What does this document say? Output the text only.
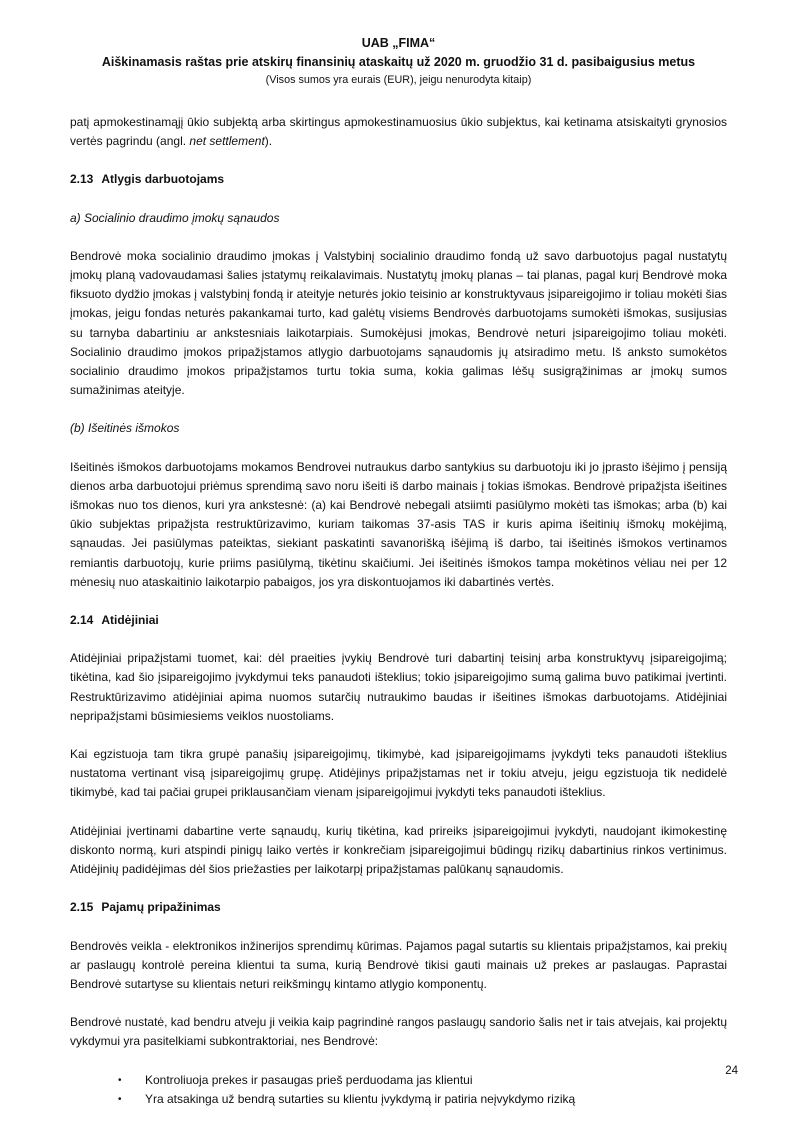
UAB „FIMA“
Aiškinamasis raštas prie atskirų finansinių ataskaitų už 2020 m. gruodžio 31 d. pasibaigusius metus
(Visos sumos yra eurais (EUR), jeigu nenurodyta kitaip)

patį apmokestinamąjį ūkio subjektą arba skirtingus apmokestinamuosius ūkio subjektus, kai ketinama atsiskaityti grynosios vertės pagrindu (angl. net settlement).

2.13 Atlygis darbuotojams
a) Socialinio draudimo įmokų sąnaudos

Bendrovė moka socialinio draudimo įmokas į Valstybinį socialinio draudimo fondą už savo darbuotojus pagal nustatytų įmokų planą vadovaudamasi šalies įstatymų reikalavimais. Nustatytų įmokų planas – tai planas, pagal kurį Bendrovė moka fiksuoto dydžio įmokas į valstybinį fondą ir ateityje neturės jokio teisinio ar konstruktyvaus įsipareigojimo ir toliau mokėti šias įmokas, jeigu fondas neturės pakankamai turto, kad galėtų visiems Bendrovės darbuotojams sumokėti išmokas, susijusias su tarnyba dabartiniu ar ankstesniais laikotarpiais. Sumokėjusi įmokas, Bendrovė neturi įsipareigojimo toliau mokėti. Socialinio draudimo įmokos pripažįstamos atlygio darbuotojams sąnaudomis jų atsiradimo metu. Iš anksto sumokėtos socialinio draudimo įmokos pripažįstamos turtu tokia suma, kokia galimas lėšų susigrąžinimas ar įmokų sumos sumažinimas ateityje.

(b) Išeitinės išmokos

Išeitinės išmokos darbuotojams mokamos Bendrovei nutraukus darbo santykius su darbuotoju iki jo įprasto išėjimo į pensiją dienos arba darbuotojui priėmus sprendimą savo noru išeiti iš darbo mainais į tokias išmokas. Bendrovė pripažįsta išeitines išmokas nuo tos dienos, kuri yra ankstesnė: (a) kai Bendrovė nebegali atsiimti pasiūlymo mokėti tas išmokas; arba (b) kai ūkio subjektas pripažįsta restruktūrizavimo, kuriam taikomas 37-asis TAS ir kuris apima išeitinių išmokų mokėjimą, sąnaudas. Jei pasiūlymas pateiktas, siekiant paskatinti savanorišką išėjimą iš darbo, tai išeitinės išmokos vertinamos remiantis darbuotojų, kurie priims pasiūlymą, tikėtinu skaičiumi. Jei išeitinės išmokos tampa mokėtinos vėliau nei per 12 mėnesių nuo ataskaitinio laikotarpio pabaigos, jos yra diskontuojamos iki dabartinės vertės.

2.14 Atidėjiniai

Atidėjiniai pripažįstami tuomet, kai: dėl praeities įvykių Bendrovė turi dabartinį teisinį arba konstruktyvų įsipareigojimą; tikėtina, kad šio įsipareigojimo įvykdymui teks panaudoti išteklius; tokio įsipareigojimo sumą galima buvo patikimai įvertinti. Restruktūrizavimo atidėjiniai apima nuomos sutarčių nutraukimo baudas ir išeitines išmokas darbuotojams. Atidėjiniai nepripažįstami būsimiesiems veiklos nuostoliams.

Kai egzistuoja tam tikra grupė panašių įsipareigojimų, tikimybė, kad įsipareigojimams įvykdyti teks panaudoti išteklius nustatoma vertinant visą įsipareigojimų grupę. Atidėjinys pripažįstamas net ir tokiu atveju, jeigu egzistuoja tik nedidelė tikimybė, kad tai pačiai grupei priklausančiam vienam įsipareigojimui įvykdyti teks panaudoti išteklius.

Atidėjiniai įvertinami dabartine verte sąnaudų, kurių tikėtina, kad prireiks įsipareigojimui įvykdyti, naudojant ikimokestinę diskonto normą, kuri atspindi pinigų laiko vertės ir konkrečiam įsipareigojimui būdingų rizikų dabartinius rinkos vertinimus. Atidėjinių padidėjimas dėl šios priežasties per laikotarpį pripažįstamas palūkanų sąnaudomis.

2.15 Pajamų pripažinimas

Bendrovės veikla - elektronikos inžinerijos sprendimų kūrimas. Pajamos pagal sutartis su klientais pripažįstamos, kai prekių ar paslaugų kontrolė pereina klientui ta suma, kurią Bendrovė tikisi gauti mainais už prekes ar paslaugas. Paprastai Bendrovė sutartyse su klientais neturi reikšmingų kintamo atlygio komponentų.

Bendrovė nustatė, kad bendru atveju ji veikia kaip pagrindinė rangos paslaugų sandorio šalis net ir tais atvejais, kai projektų vykdymui yra pasitelkiami subkontraktoriai, nes Bendrovė:

•	Kontroliuoja prekes ir pasaugas prieš perduodama jas klientui
•	Yra atsakinga už bendrą sutarties su klientu įvykdymą ir patiria neįvykdymo riziką
24
